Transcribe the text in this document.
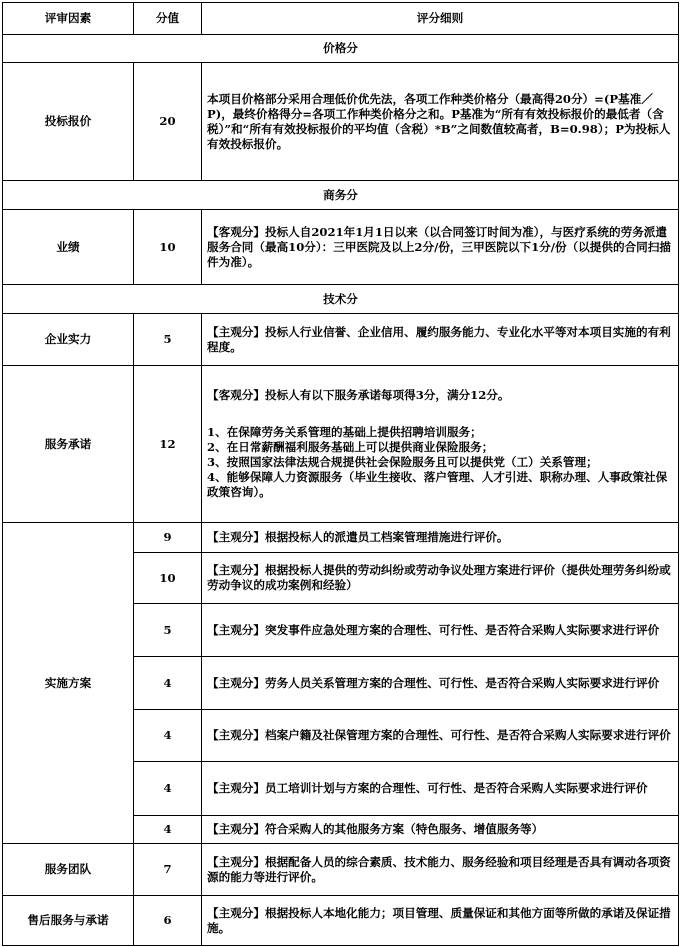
评审因素	分值	评分细则
价格分		
投标报价	20	本项目价格部分采用合理低价优先法，各项工作种类价格分（最高得20分）=(P基准／P)，最终价格得分=各项工作种类价格分之和。P基准为“所有有效投标报价的最低者（含税）”和“所有有效投标报价的平均值（含税）*B”之间数值较高者，B=0.98）；P为投标人有效投标报价。
商务分		
业绩	10	【客观分】投标人自2021年1月1日以来（以合同签订时间为准），与医疗系统的劳务派遣服务合同（最高10分）：三甲医院及以上2分/份，三甲医院以下1分/份（以提供的合同扫描件为准）。
技术分		
企业实力	5	【主观分】投标人行业信誉、企业信用、履约服务能力、专业化水平等对本项目实施的有利程度。
服务承诺	12	【客观分】投标人有以下服务承诺每项得3分，满分12分。
1、在保障劳务关系管理的基础上提供招聘培训服务；
2、在日常薪酬福利服务基础上可以提供商业保险服务；
3、按照国家法律法规合规提供社会保险服务且可以提供党（工）关系管理；
4、能够保障人力资源服务（毕业生接收、落户管理、人才引进、职称办理、人事政策社保政策咨询）。

实施方案	9	【主观分】根据投标人的派遣员工档案管理措施进行评价。
	10	【主观分】根据投标人提供的劳动纠纷或劳动争议处理方案进行评价（提供处理劳务纠纷或劳动争议的成功案例和经验）
	5	【主观分】突发事件应急处理方案的合理性、可行性、是否符合采购人实际要求进行评价
	4	【主观分】劳务人员关系管理方案的合理性、可行性、是否符合采购人实际要求进行评价
	4	【主观分】档案户籍及社保管理方案的合理性、可行性、是否符合采购人实际要求进行评价
	4	【主观分】员工培训计划与方案的合理性、可行性、是否符合采购人实际要求进行评价
	4	【主观分】符合采购人的其他服务方案（特色服务、增值服务等）
服务团队	7	【主观分】根据配备人员的综合素质、技术能力、服务经验和项目经理是否具有调动各项资源的能力等进行评价。
售后服务与承诺	6	【主观分】根据投标人本地化能力；项目管理、质量保证和其他方面等所做的承诺及保证措施。
